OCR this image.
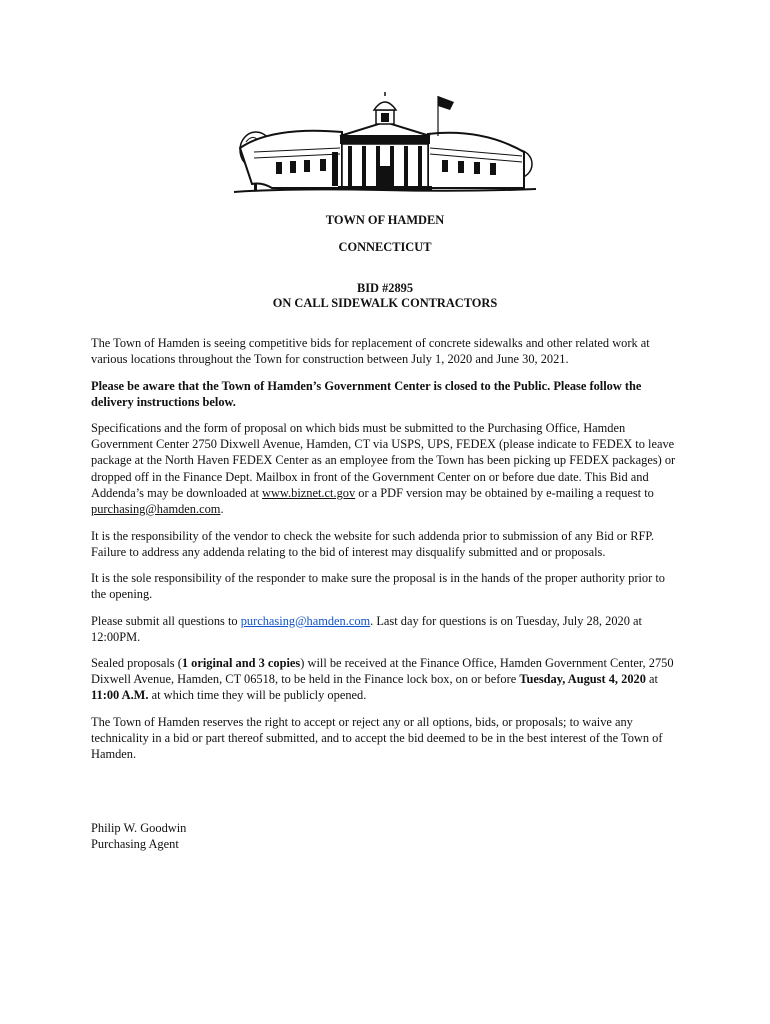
TOWN OF HAMDEN
CONNECTICUT
BID #2895
ON CALL SIDEWALK CONTRACTORS

The Town of Hamden is seeing competitive bids for replacement of concrete sidewalks and other related work at various locations throughout the Town for construction between July 1, 2020 and June 30, 2021.

Please be aware that the Town of Hamden’s Government Center is closed to the Public. Please follow the delivery instructions below.

Specifications and the form of proposal on which bids must be submitted to the Purchasing Office, Hamden Government Center 2750 Dixwell Avenue, Hamden, CT via USPS, UPS, FEDEX (please indicate to FEDEX to leave package at the North Haven FEDEX Center as an employee from the Town has been picking up FEDEX packages) or dropped off in the Finance Dept. Mailbox in front of the Government Center on or before due date. This Bid and Addenda’s may be downloaded at www.biznet.ct.gov or a PDF version may be obtained by e-mailing a request to purchasing@hamden.com.

It is the responsibility of the vendor to check the website for such addenda prior to submission of any Bid or RFP. Failure to address any addenda relating to the bid of interest may disqualify submitted and or proposals.

It is the sole responsibility of the responder to make sure the proposal is in the hands of the proper authority prior to the opening.

Please submit all questions to purchasing@hamden.com. Last day for questions is on Tuesday, July 28, 2020 at 12:00PM.

Sealed proposals (1 original and 3 copies) will be received at the Finance Office, Hamden Government Center, 2750 Dixwell Avenue, Hamden, CT 06518, to be held in the Finance lock box, on or before Tuesday, August 4, 2020 at 11:00 A.M. at which time they will be publicly opened.

The Town of Hamden reserves the right to accept or reject any or all options, bids, or proposals; to waive any technicality in a bid or part thereof submitted, and to accept the bid deemed to be in the best interest of the Town of Hamden.

Philip W. Goodwin
Purchasing Agent
